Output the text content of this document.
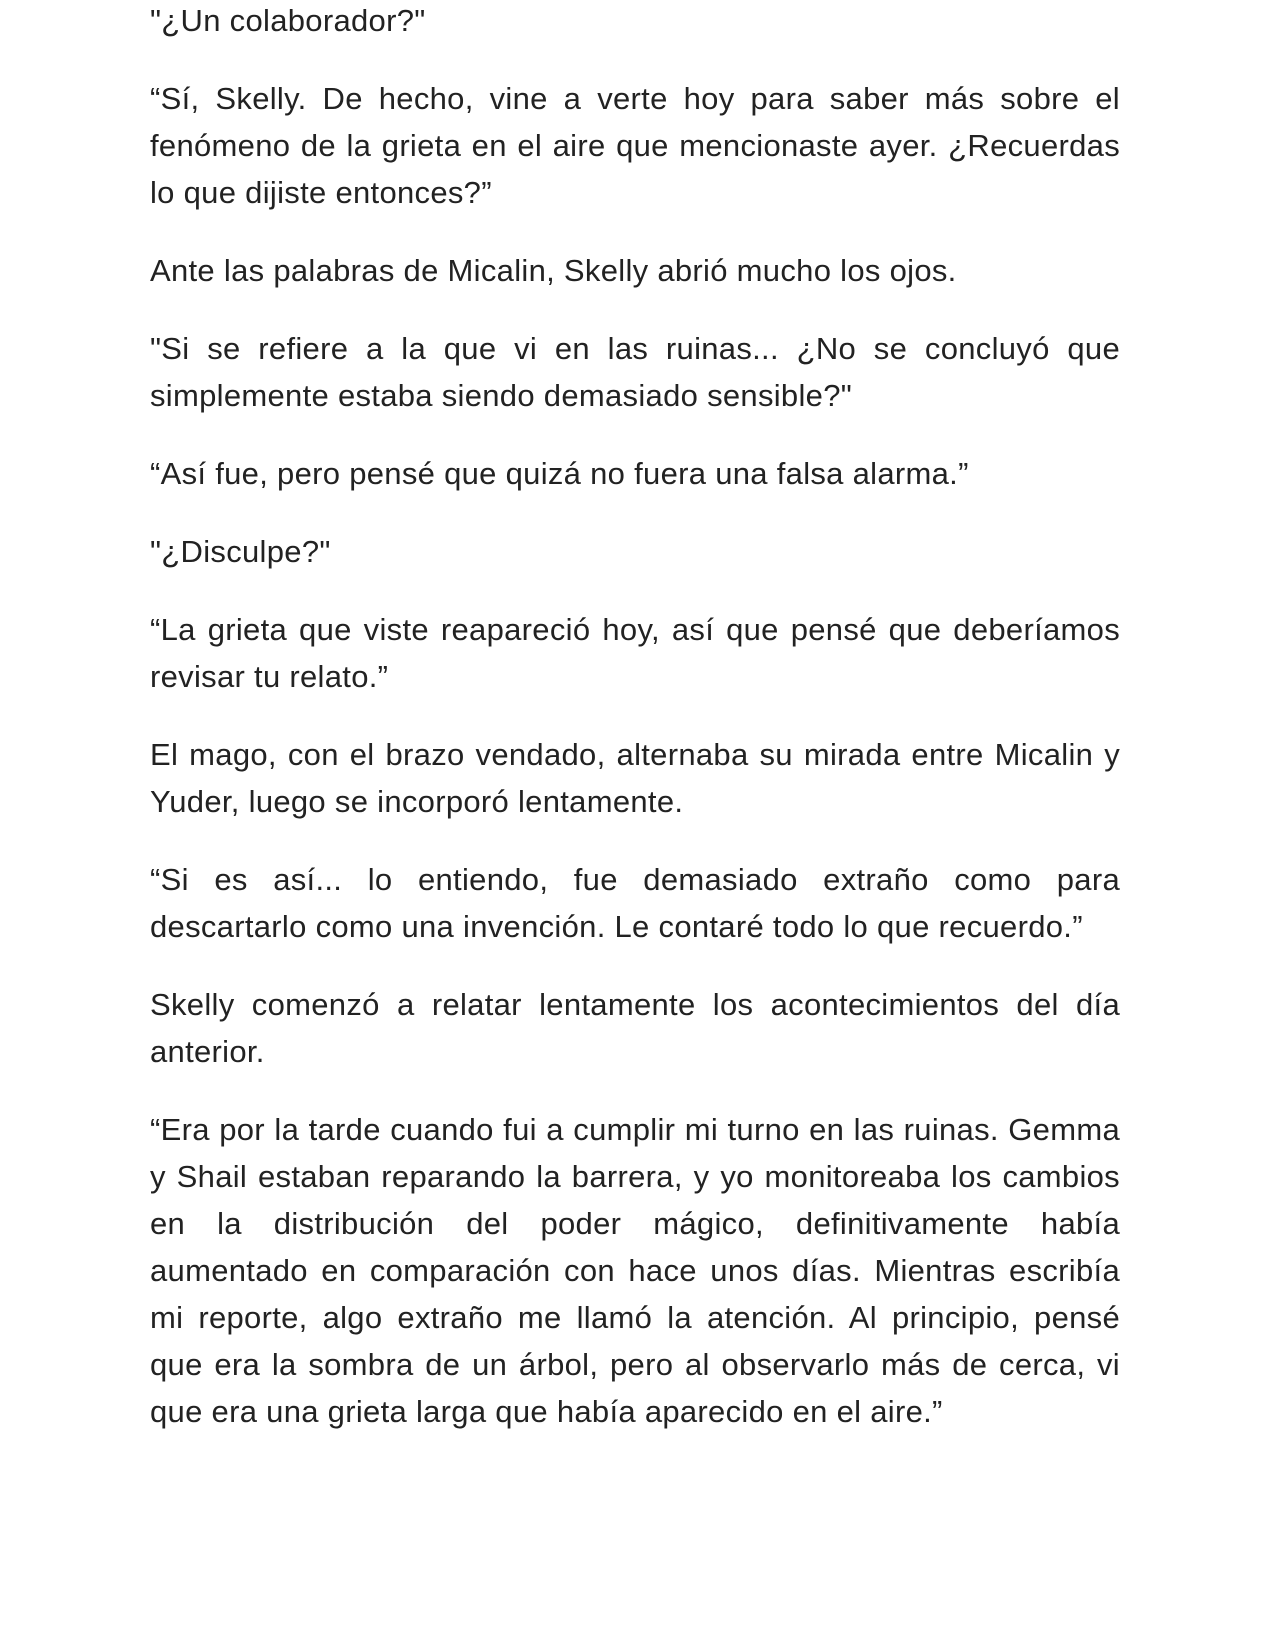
"¿Un colaborador?"

“Sí, Skelly. De hecho, vine a verte hoy para saber más sobre el fenómeno de la grieta en el aire que mencionaste ayer. ¿Recuerdas lo que dijiste entonces?”

Ante las palabras de Micalin, Skelly abrió mucho los ojos.

"Si se refiere a la que vi en las ruinas... ¿No se concluyó que simplemente estaba siendo demasiado sensible?"

“Así fue, pero pensé que quizá no fuera una falsa alarma.”

"¿Disculpe?"

“La grieta que viste reapareció hoy, así que pensé que deberíamos revisar tu relato.”

El mago, con el brazo vendado, alternaba su mirada entre Micalin y Yuder, luego se incorporó lentamente.

“Si es así... lo entiendo, fue demasiado extraño como para descartarlo como una invención. Le contaré todo lo que recuerdo.”

Skelly comenzó a relatar lentamente los acontecimientos del día anterior.

“Era por la tarde cuando fui a cumplir mi turno en las ruinas. Gemma y Shail estaban reparando la barrera, y yo monitoreaba los cambios en la distribución del poder mágico, definitivamente había aumentado en comparación con hace unos días. Mientras escribía mi reporte, algo extraño me llamó la atención. Al principio, pensé que era la sombra de un árbol, pero al observarlo más de cerca, vi que era una grieta larga que había aparecido en el aire.”
